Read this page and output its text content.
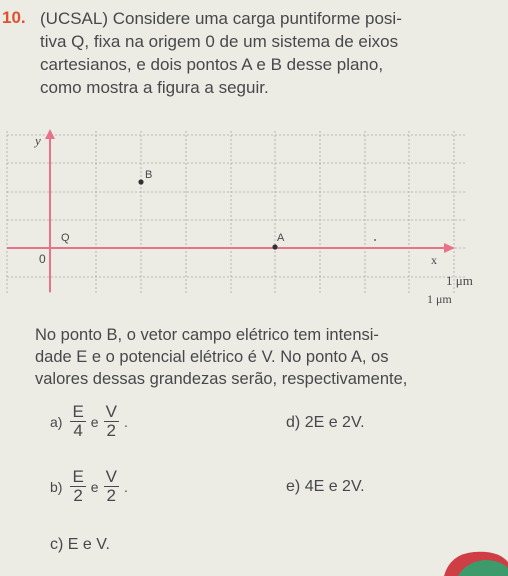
10. (UCSAL) Considere uma carga puntiforme posi-
tiva Q, fixa na origem 0 de um sistema de eixos
cartesianos, e dois pontos A e B desse plano,
como mostra a figura a seguir.
y
B
Q	A
0	x
1 μm
1 μm
No ponto B, o vetor campo elétrico tem intensi-
dade E e o potencial elétrico é V. No ponto A, os
valores dessas grandezas serão, respectivamente,
$a) \frac{E}{4}$ e $\frac{V}{2}$ .	d) 2E e 2V.
$b) \frac{E}{2}$ e $\frac{V}{2}$ .	e) 4E e 2V.
c) E e V.
